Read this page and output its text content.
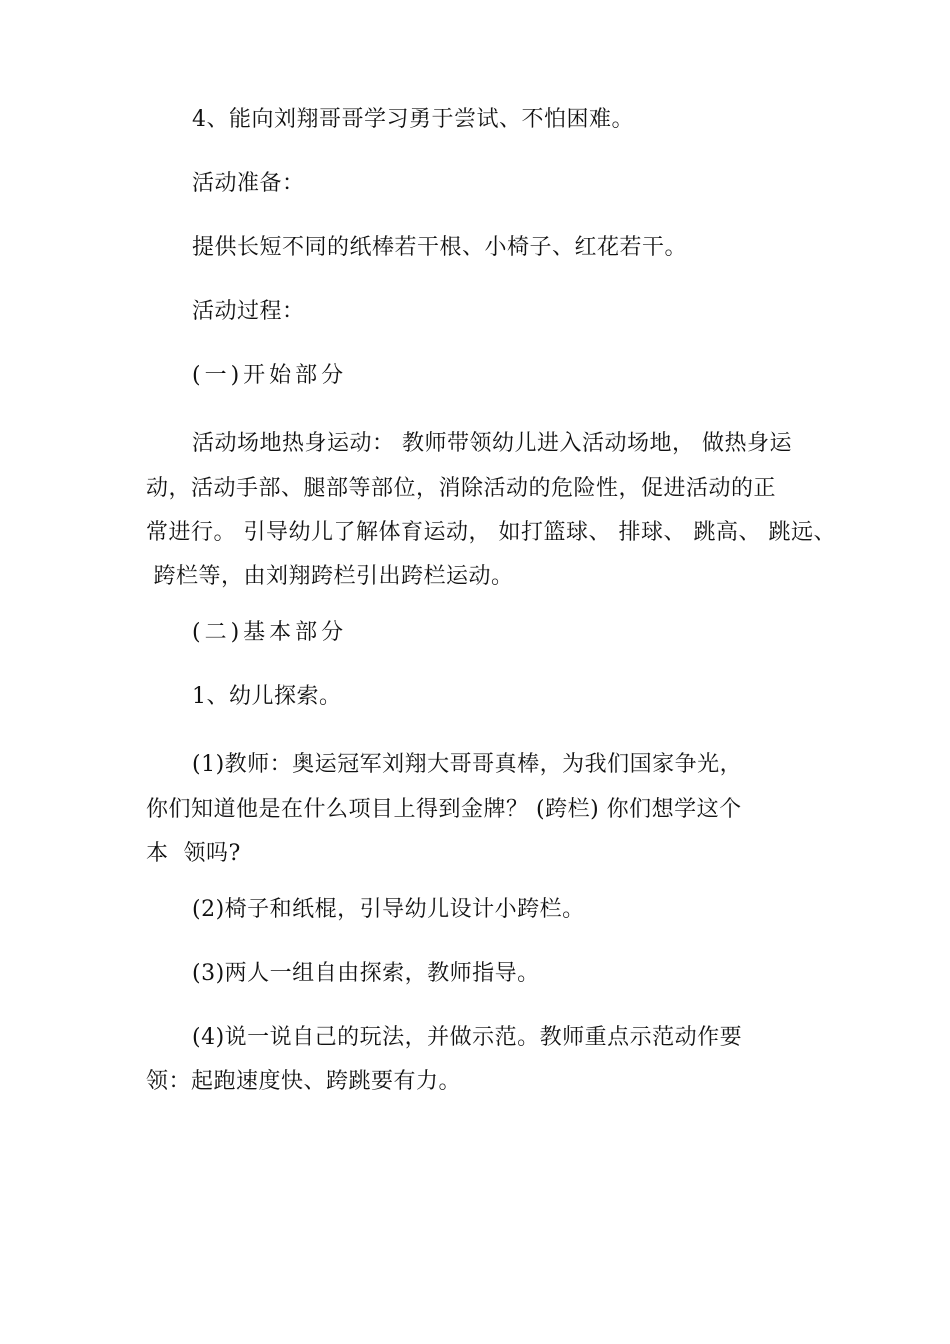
4、能向刘翔哥哥学习勇于尝试、不怕困难。
活动准备：
提供长短不同的纸棒若干根、小椅子、红花若干。
活动过程：
(一)开始部分
活动场地热身运动： 教师带领幼儿进入活动场地， 做热身运
动，活动手部、腿部等部位，消除活动的危险性，促进活动的正
常进行。 引导幼儿了解体育运动， 如打篮球、 排球、 跳高、 跳远、
跨栏等，由刘翔跨栏引出跨栏运动。
(二)基本部分
1、幼儿探索。
(1)教师：奥运冠军刘翔大哥哥真棒，为我们国家争光，
你们知道他是在什么项目上得到金牌？ (跨栏) 你们想学这个
本  领吗?
(2)椅子和纸棍，引导幼儿设计小跨栏。
(3)两人一组自由探索，教师指导。
(4)说一说自己的玩法，并做示范。教师重点示范动作要
领：起跑速度快、跨跳要有力。
